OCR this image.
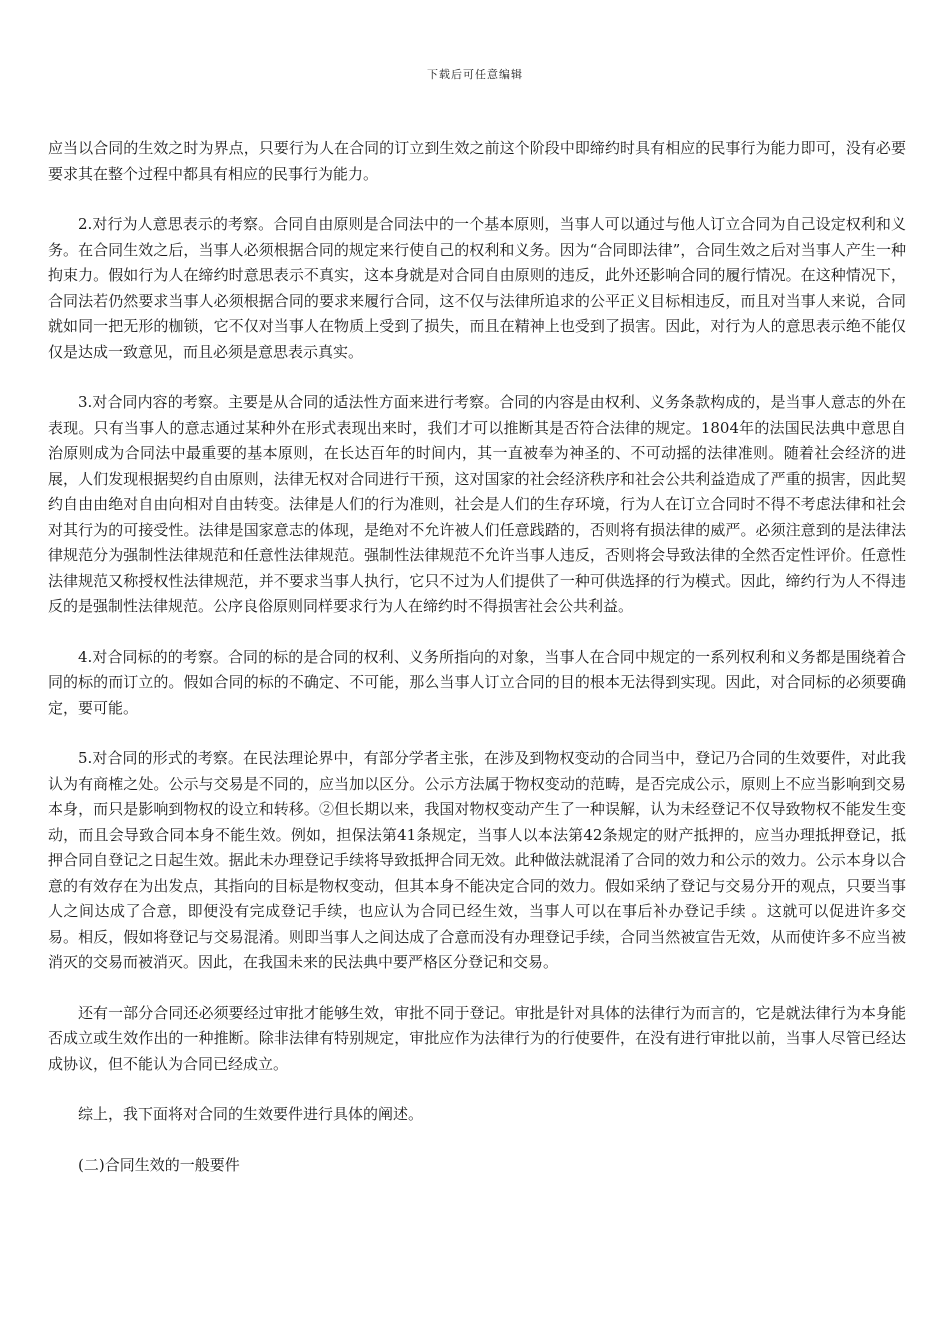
下载后可任意编辑

应当以合同的生效之时为界点，只要行为人在合同的订立到生效之前这个阶段中即缔约时具有相应的民事行为能力即可，没有必要要求其在整个过程中都具有相应的民事行为能力。

2.对行为人意思表示的考察。合同自由原则是合同法中的一个基本原则，当事人可以通过与他人订立合同为自己设定权利和义务。在合同生效之后，当事人必须根据合同的规定来行使自己的权利和义务。因为“合同即法律”，合同生效之后对当事人产生一种拘束力。假如行为人在缔约时意思表示不真实，这本身就是对合同自由原则的违反，此外还影响合同的履行情况。在这种情况下，合同法若仍然要求当事人必须根据合同的要求来履行合同，这不仅与法律所追求的公平正义目标相违反，而且对当事人来说，合同就如同一把无形的枷锁，它不仅对当事人在物质上受到了损失，而且在精神上也受到了损害。因此，对行为人的意思表示绝不能仅仅是达成一致意见，而且必须是意思表示真实。

3.对合同内容的考察。主要是从合同的适法性方面来进行考察。合同的内容是由权利、义务条款构成的，是当事人意志的外在表现。只有当事人的意志通过某种外在形式表现出来时，我们才可以推断其是否符合法律的规定。1804年的法国民法典中意思自治原则成为合同法中最重要的基本原则，在长达百年的时间内，其一直被奉为神圣的、不可动摇的法律准则。随着社会经济的进展，人们发现根据契约自由原则，法律无权对合同进行干预，这对国家的社会经济秩序和社会公共利益造成了严重的损害，因此契约自由由绝对自由向相对自由转变。法律是人们的行为准则，社会是人们的生存环境，行为人在订立合同时不得不考虑法律和社会对其行为的可接受性。法律是国家意志的体现，是绝对不允许被人们任意践踏的，否则将有损法律的威严。必须注意到的是法律法律规范分为强制性法律规范和任意性法律规范。强制性法律规范不允许当事人违反，否则将会导致法律的全然否定性评价。任意性法律规范又称授权性法律规范，并不要求当事人执行，它只不过为人们提供了一种可供选择的行为模式。因此，缔约行为人不得违反的是强制性法律规范。公序良俗原则同样要求行为人在缔约时不得损害社会公共利益。

4.对合同标的的考察。合同的标的是合同的权利、义务所指向的对象，当事人在合同中规定的一系列权利和义务都是围绕着合同的标的而订立的。假如合同的标的不确定、不可能，那么当事人订立合同的目的根本无法得到实现。因此，对合同标的必须要确定，要可能。

5.对合同的形式的考察。在民法理论界中，有部分学者主张，在涉及到物权变动的合同当中，登记乃合同的生效要件，对此我认为有商榷之处。公示与交易是不同的，应当加以区分。公示方法属于物权变动的范畴，是否完成公示，原则上不应当影响到交易本身，而只是影响到物权的设立和转移。②但长期以来，我国对物权变动产生了一种误解，认为未经登记不仅导致物权不能发生变动，而且会导致合同本身不能生效。例如，担保法第41条规定，当事人以本法第42条规定的财产抵押的，应当办理抵押登记，抵押合同自登记之日起生效。据此未办理登记手续将导致抵押合同无效。此种做法就混淆了合同的效力和公示的效力。公示本身以合意的有效存在为出发点，其指向的目标是物权变动，但其本身不能决定合同的效力。假如采纳了登记与交易分开的观点，只要当事人之间达成了合意，即便没有完成登记手续，也应认为合同已经生效，当事人可以在事后补办登记手续 。这就可以促进许多交易。相反，假如将登记与交易混淆。则即当事人之间达成了合意而没有办理登记手续，合同当然被宣告无效，从而使许多不应当被消灭的交易而被消灭。因此，在我国未来的民法典中要严格区分登记和交易。

还有一部分合同还必须要经过审批才能够生效，审批不同于登记。审批是针对具体的法律行为而言的，它是就法律行为本身能否成立或生效作出的一种推断。除非法律有特别规定，审批应作为法律行为的行使要件，在没有进行审批以前，当事人尽管已经达成协议，但不能认为合同已经成立。

综上，我下面将对合同的生效要件进行具体的阐述。

(二)合同生效的一般要件
